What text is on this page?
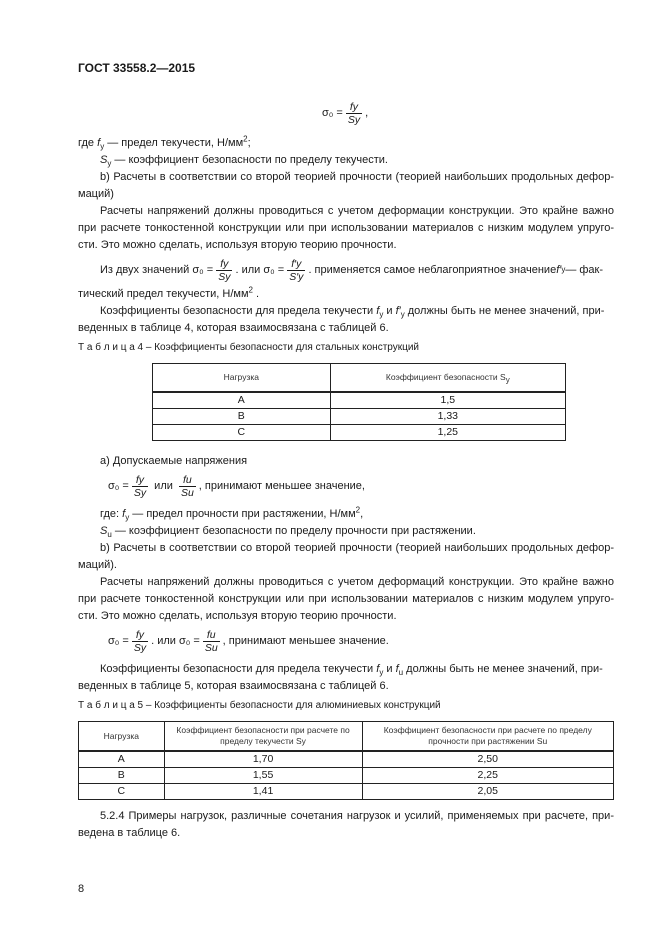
ГОСТ 33558.2—2015
$\sigma_0 = \frac{fy}{Sy}$ ,
где $f_y$ — предел текучести, $Н/мм^2$;
$S_y$ — коэффициент безопасности по пределу текучести.
b) Расчеты в соответствии со второй теорией прочности (теорией наибольших продольных дефор-
маций)
Расчеты напряжений должны проводиться с учетом деформации конструкции. Это крайне важно
при расчете тонкостенной конструкции или при использовании материалов с низким модулем упруго-
сти. Это можно сделать, используя вторую теорию прочности.
Из двух значений
$\sigma_0 = \frac{fy}{Sy}$ . или
$\sigma_0 = \frac{f'y}{S'y}$ . применяется самое неблагоприятное значение f′ y — фак-
тический предел текучести, $Н/мм^2$ .
Коэффициенты безопасности для предела текучести $f_y$ и $f'_y$ должны быть не менее значений, при-
веденных в таблице 4, которая взаимосвязана с таблицей 6.
Т а б л и ц а 4 – Коэффициенты безопасности для стальных конструкций
Нагрузка	Коэффициент безопасности $S_y$
A	1,5
B	1,33
C	1,25
а) Допускаемые напряжения
$\sigma_0 = \frac{fy}{Sy}$
или

fu
Su
, принимают меньшее значение,
где: $f_y$ — предел прочности при растяжении, $Н/мм^2$,
$S_u$ — коэффициент безопасности по пределу прочности при растяжении.
b) Расчеты в соответствии со второй теорией прочности (теорией наибольших продольных дефор-
маций).
Расчеты напряжений должны проводиться с учетом деформаций конструкции. Это крайне важно
при расчете тонкостенной конструкции или при использовании материалов с низким модулем упруго-
сти. Это можно сделать, используя вторую теорию прочности.
$\sigma_0 = \frac{fy}{Sy}$ . или $\sigma_0 = \frac{fu}{Su}$ , принимают меньшее значение.
Коэффициенты безопасности для предела текучести $f_y$ и $f_u$ должны быть не менее значений, при-
веденных в таблице 5, которая взаимосвязана с таблицей 6.
Т а б л и ц а 5 – Коэффициенты безопасности для алюминиевых конструкций
Нагрузка	Коэффициент безопасности при расчете по пределу текучести Sy	Коэффициент безопасности при расчете по пределу прочности при растяжении Su
A	1,70	2,50
B	1,55	2,25
C	1,41	2,05
5.2.4 Примеры нагрузок, различные сочетания нагрузок и усилий, применяемых при расчете, при-
ведена в таблице 6.
8
